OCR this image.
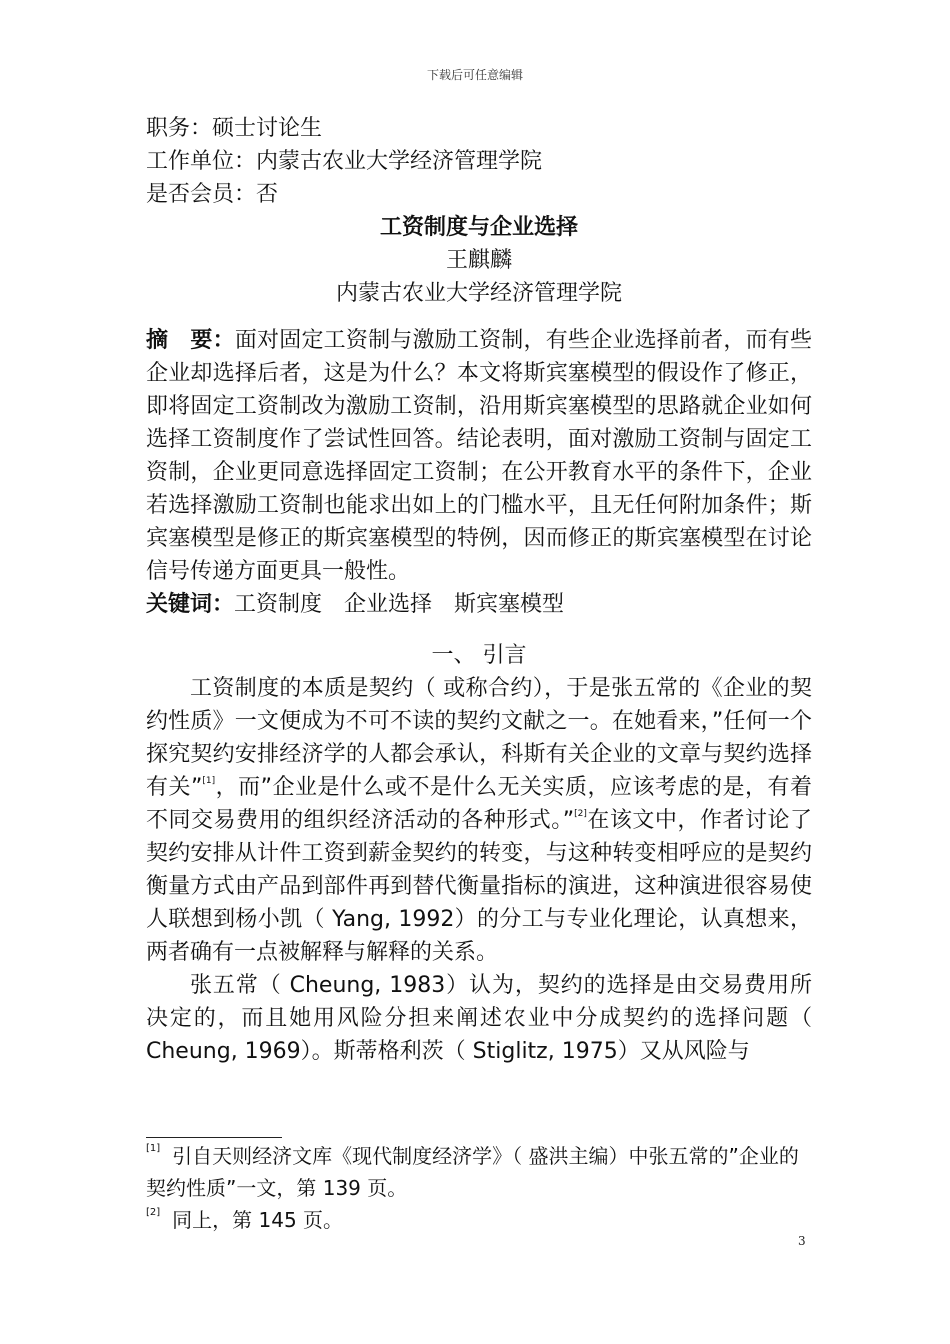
下载后可任意编辑
职务：硕士讨论生
工作单位：内蒙古农业大学经济管理学院
是否会员：否
工资制度与企业选择
王麒麟
内蒙古农业大学经济管理学院

摘　要：面对固定工资制与激励工资制，有些企业选择前者，而有些企业却选择后者，这是为什么？本文将斯宾塞模型的假设作了修正，即将固定工资制改为激励工资制，沿用斯宾塞模型的思路就企业如何选择工资制度作了尝试性回答。结论表明，面对激励工资制与固定工资制，企业更同意选择固定工资制；在公开教育水平的条件下，企业若选择激励工资制也能求出如上的门槛水平，且无任何附加条件；斯宾塞模型是修正的斯宾塞模型的特例，因而修正的斯宾塞模型在讨论信号传递方面更具一般性。

关键词：工资制度　企业选择　斯宾塞模型

一、 引言

工资制度的本质是契约（ 或称合约），于是张五常的《企业的契约性质》一文便成为不可不读的契约文献之一。在她看来，”任何一个探究契约安排经济学的人都会承认，科斯有关企业的文章与契约选择有关”[1]，而”企业是什么或不是什么无关实质，应该考虑的是，有着不同交易费用的组织经济活动的各种形式。”[2]在该文中，作者讨论了契约安排从计件工资到薪金契约的转变，与这种转变相呼应的是契约衡量方式由产品到部件再到替代衡量指标的演进，这种演进很容易使人联想到杨小凯（ Yang, 1992）的分工与专业化理论，认真想来，两者确有一点被解释与解释的关系。

张五常（ Cheung, 1983）认为，契约的选择是由交易费用所决定的，而且她用风险分担来阐述农业中分成契约的选择问题（ Cheung, 1969）。斯蒂格利茨（ Stiglitz, 1975）又从风险与

[1] 引自天则经济文库《现代制度经济学》（ 盛洪主编）中张五常的”企业的契约性质”一文，第 139 页。
[2] 同上，第 145 页。
3
